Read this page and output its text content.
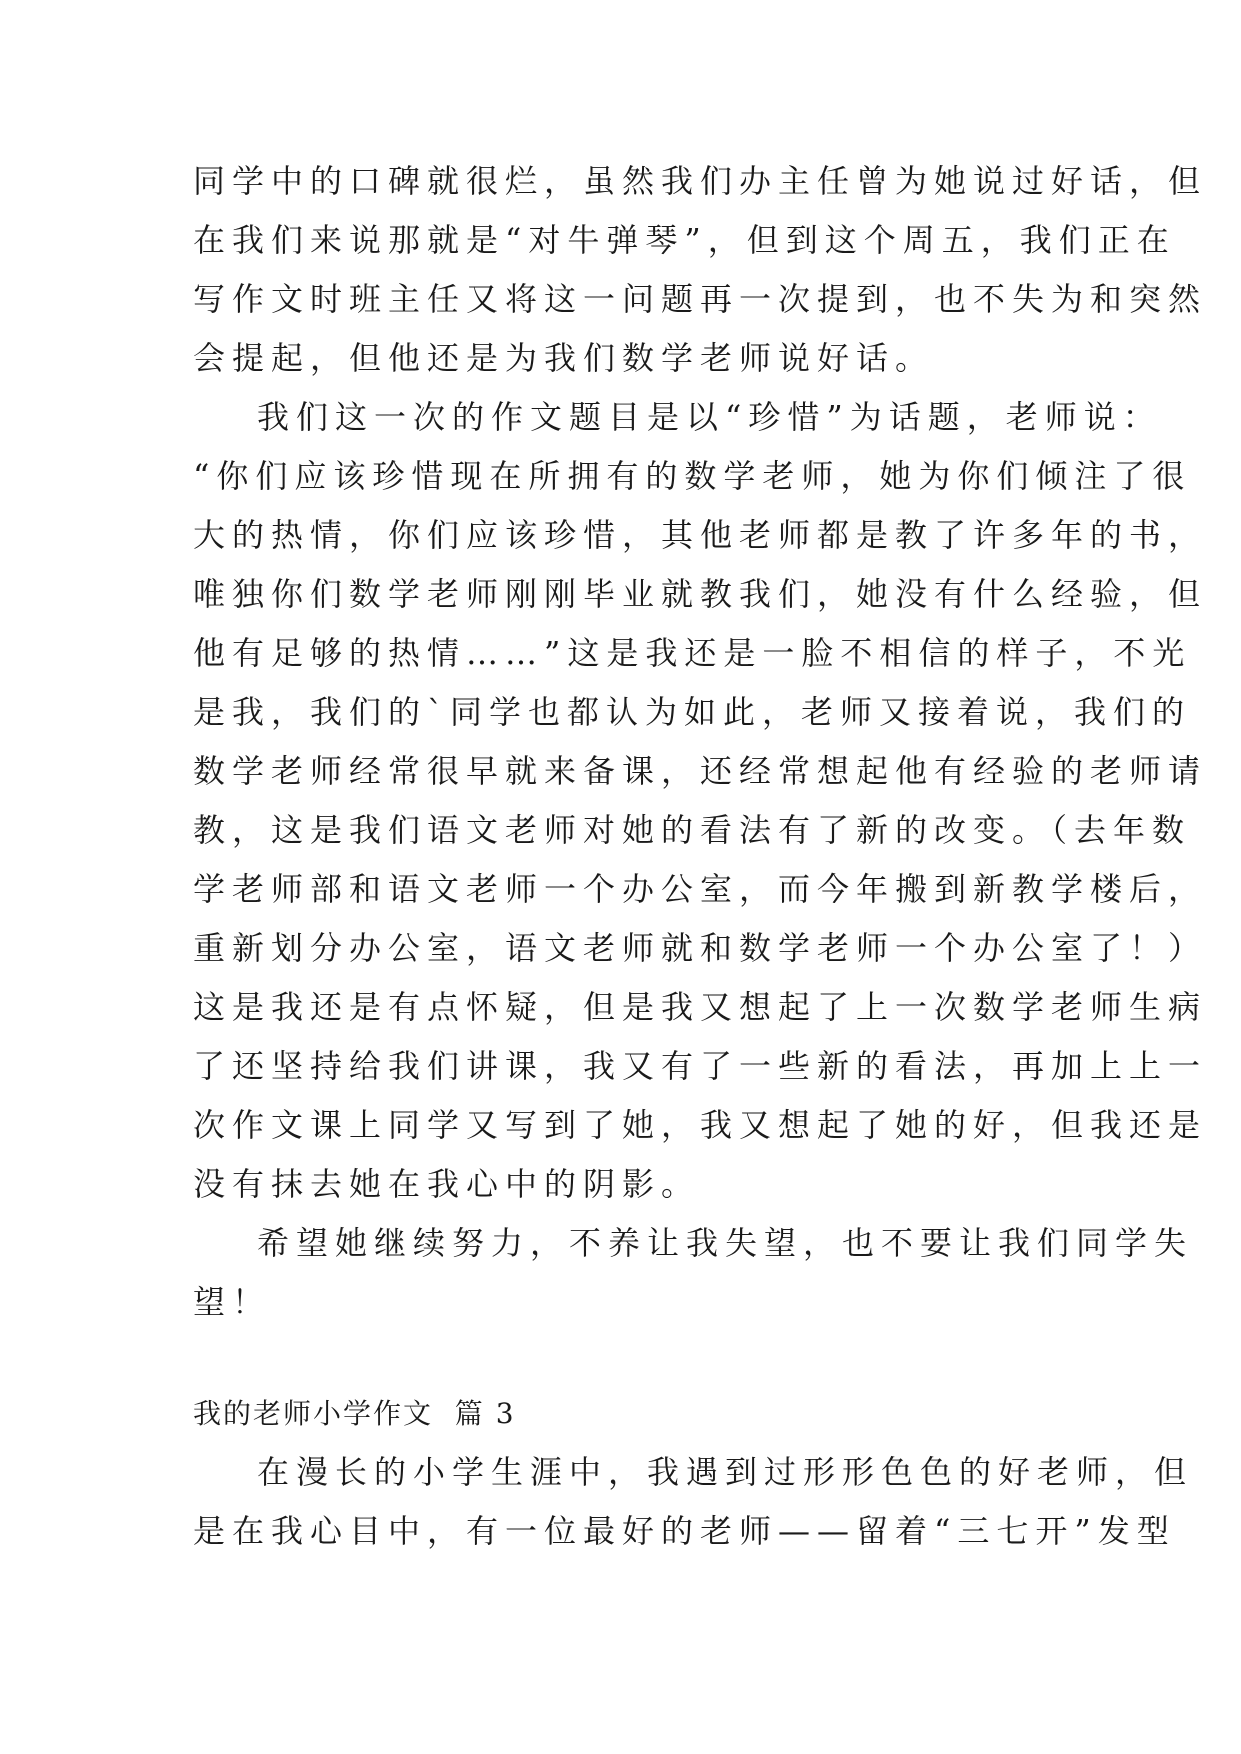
同学中的口碑就很烂，虽然我们办主任曾为她说过好话，但
在我们来说那就是“对牛弹琴”，但到这个周五，我们正在
写作文时班主任又将这一问题再一次提到，也不失为和突然
会提起，但他还是为我们数学老师说好话。
我们这一次的作文题目是以“珍惜”为话题，老师说：
“你们应该珍惜现在所拥有的数学老师，她为你们倾注了很
大的热情，你们应该珍惜，其他老师都是教了许多年的书，
唯独你们数学老师刚刚毕业就教我们，她没有什么经验，但
他有足够的热情……”这是我还是一脸不相信的样子，不光
是我，我们的`同学也都认为如此，老师又接着说，我们的
数学老师经常很早就来备课，还经常想起他有经验的老师请
教，这是我们语文老师对她的看法有了新的改变。（去年数
学老师部和语文老师一个办公室，而今年搬到新教学楼后，
重新划分办公室，语文老师就和数学老师一个办公室了！）
这是我还是有点怀疑，但是我又想起了上一次数学老师生病
了还坚持给我们讲课，我又有了一些新的看法，再加上上一
次作文课上同学又写到了她，我又想起了她的好，但我还是
没有抹去她在我心中的阴影。
希望她继续努力，不养让我失望，也不要让我们同学失
望！
我的老师小学作文  篇 3
在漫长的小学生涯中，我遇到过形形色色的好老师，但
是在我心目中，有一位最好的老师——留着“三七开”发型
